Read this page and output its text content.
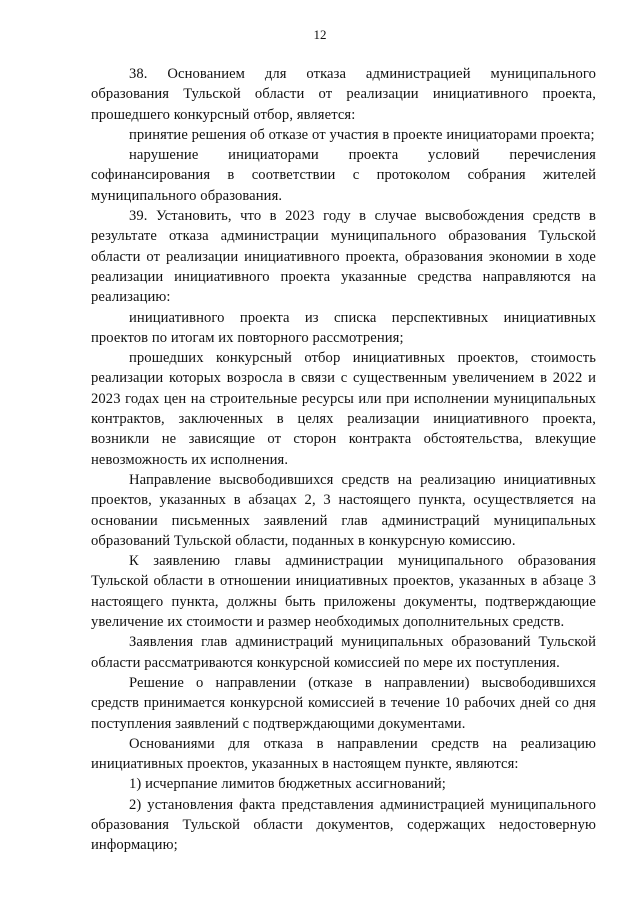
12

38. Основанием для отказа администрацией муниципального образования Тульской области от реализации инициативного проекта, прошедшего конкурсный отбор, является:

принятие решения об отказе от участия в проекте инициаторами проекта;

нарушение инициаторами проекта условий перечисления софинансирования в соответствии с протоколом собрания жителей муниципального образования.

39. Установить, что в 2023 году в случае высвобождения средств в результате отказа администрации муниципального образования Тульской области от реализации инициативного проекта, образования экономии в ходе реализации инициативного проекта указанные средства направляются на реализацию:

инициативного проекта из списка перспективных инициативных проектов по итогам их повторного рассмотрения;

прошедших конкурсный отбор инициативных проектов, стоимость реализации которых возросла в связи с существенным увеличением в 2022 и 2023 годах цен на строительные ресурсы или при исполнении муниципальных контрактов, заключенных в целях реализации инициативного проекта, возникли не зависящие от сторон контракта обстоятельства, влекущие невозможность их исполнения.

Направление высвободившихся средств на реализацию инициативных проектов, указанных в абзацах 2, 3 настоящего пункта, осуществляется на основании письменных заявлений глав администраций муниципальных образований Тульской области, поданных в конкурсную комиссию.

К заявлению главы администрации муниципального образования Тульской области в отношении инициативных проектов, указанных в абзаце 3 настоящего пункта, должны быть приложены документы, подтверждающие увеличение их стоимости и размер необходимых дополнительных средств.

Заявления глав администраций муниципальных образований Тульской области рассматриваются конкурсной комиссией по мере их поступления.

Решение о направлении (отказе в направлении) высвободившихся средств принимается конкурсной комиссией в течение 10 рабочих дней со дня поступления заявлений с подтверждающими документами.

Основаниями для отказа в направлении средств на реализацию инициативных проектов, указанных в настоящем пункте, являются:

1) исчерпание лимитов бюджетных ассигнований;

2) установления факта представления администрацией муниципального образования Тульской области документов, содержащих недостоверную информацию;
